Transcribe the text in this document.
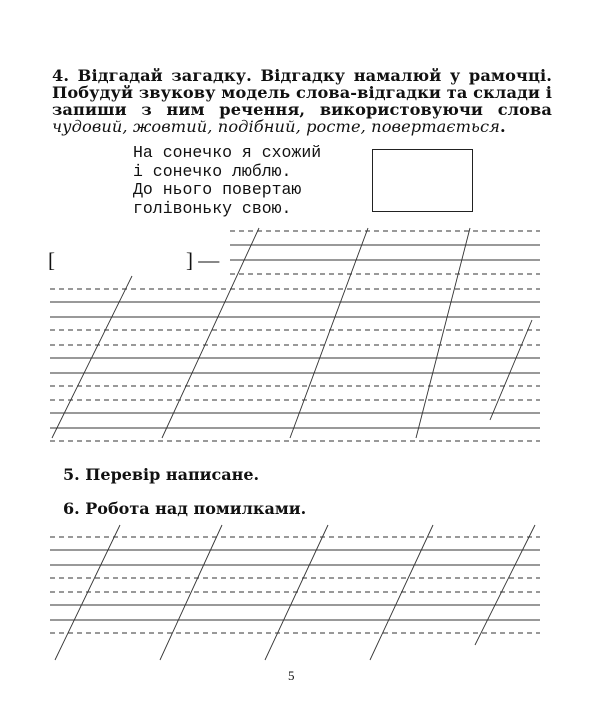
4. Відгадай загадку. Відгадку намалюй у рамочці. Побудуй звукову модель слова-відгадки та склади і запиши з ним речення, використовуючи слова чудовий, жовтий, подібний, росте, повертається.
На сонечко я схожий
і сонечко люблю.
До нього повертаю
голівоньку свою.
[	] —
5. Перевір написане.
6. Робота над помилками.
5
